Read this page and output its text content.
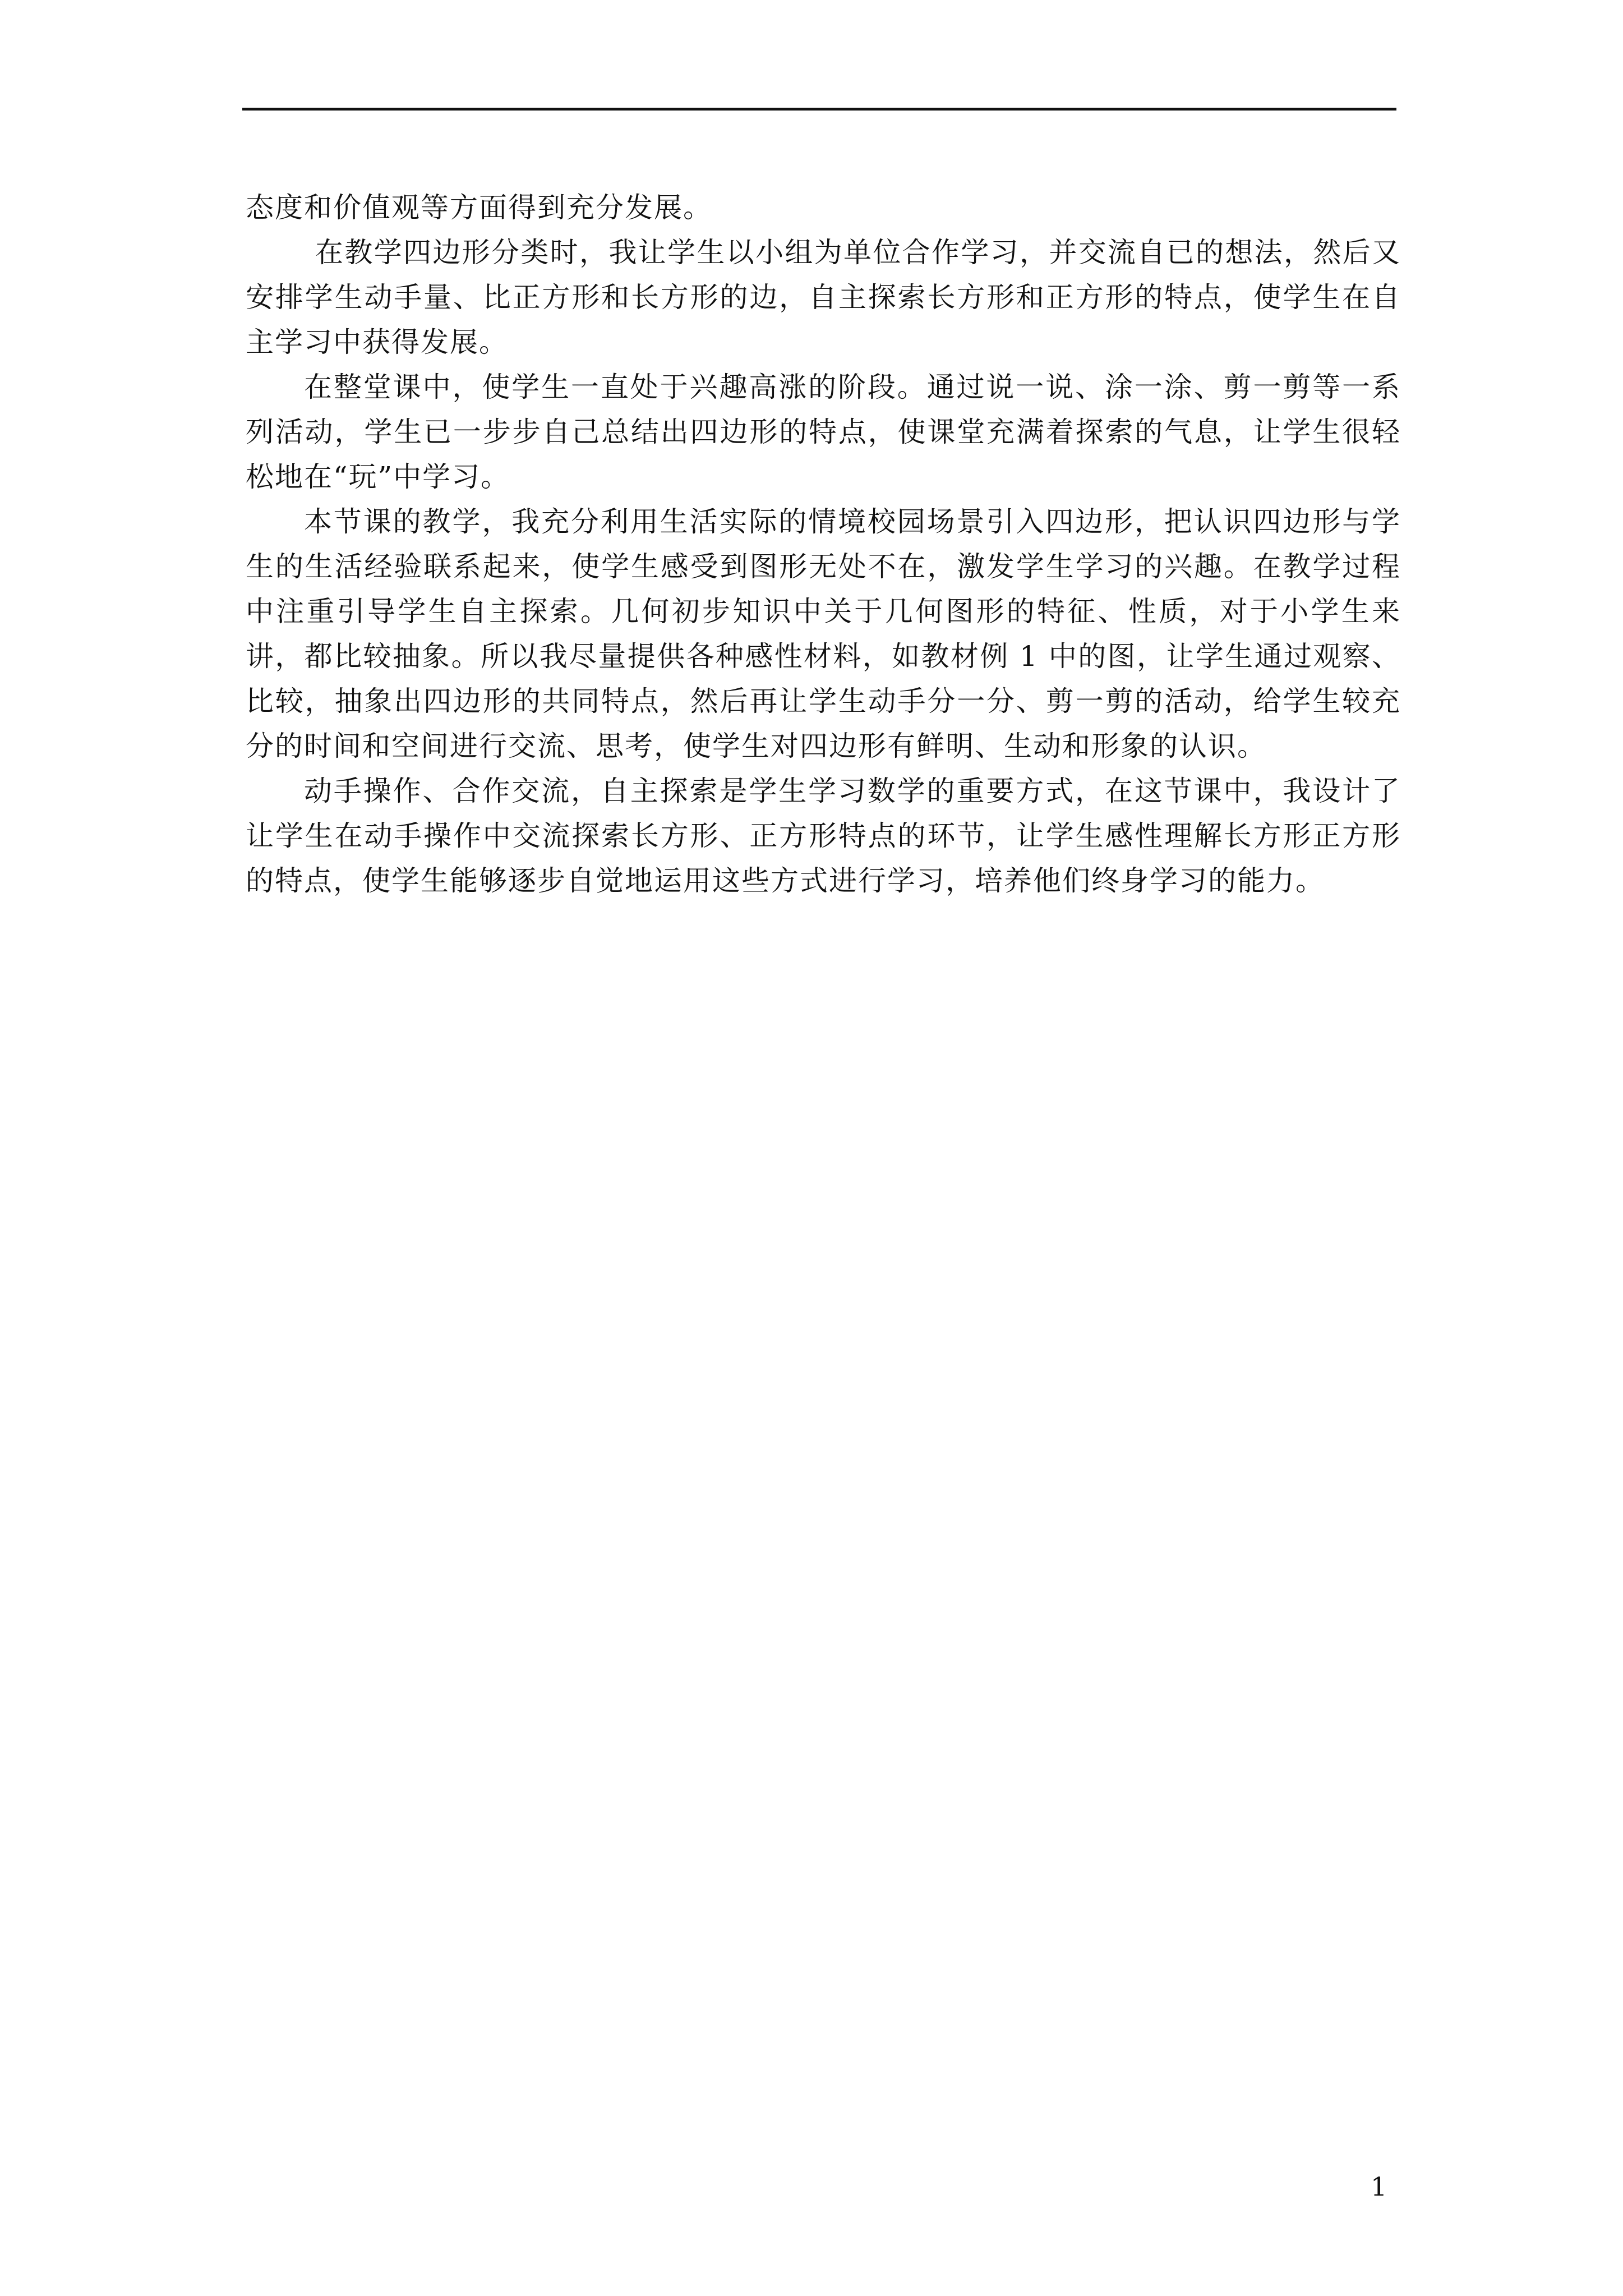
态度和价值观等方面得到充分发展。

在教学四边形分类时，我让学生以小组为单位合作学习，并交流自已的想法，然后又安排学生动手量、比正方形和长方形的边，自主探索长方形和正方形的特点，使学生在自主学习中获得发展。

在整堂课中，使学生一直处于兴趣高涨的阶段。通过说一说、涂一涂、剪一剪等一系列活动，学生已一步步自己总结出四边形的特点，使课堂充满着探索的气息，让学生很轻松地在“玩”中学习。

本节课的教学，我充分利用生活实际的情境校园场景引入四边形，把认识四边形与学生的生活经验联系起来，使学生感受到图形无处不在，激发学生学习的兴趣。在教学过程中注重引导学生自主探索。几何初步知识中关于几何图形的特征、性质，对于小学生来讲，都比较抽象。所以我尽量提供各种感性材料，如教材例 1 中的图，让学生通过观察、比较，抽象出四边形的共同特点，然后再让学生动手分一分、剪一剪的活动，给学生较充分的时间和空间进行交流、思考，使学生对四边形有鲜明、生动和形象的认识。

动手操作、合作交流，自主探索是学生学习数学的重要方式，在这节课中，我设计了让学生在动手操作中交流探索长方形、正方形特点的环节，让学生感性理解长方形正方形的特点，使学生能够逐步自觉地运用这些方式进行学习，培养他们终身学习的能力。

1
